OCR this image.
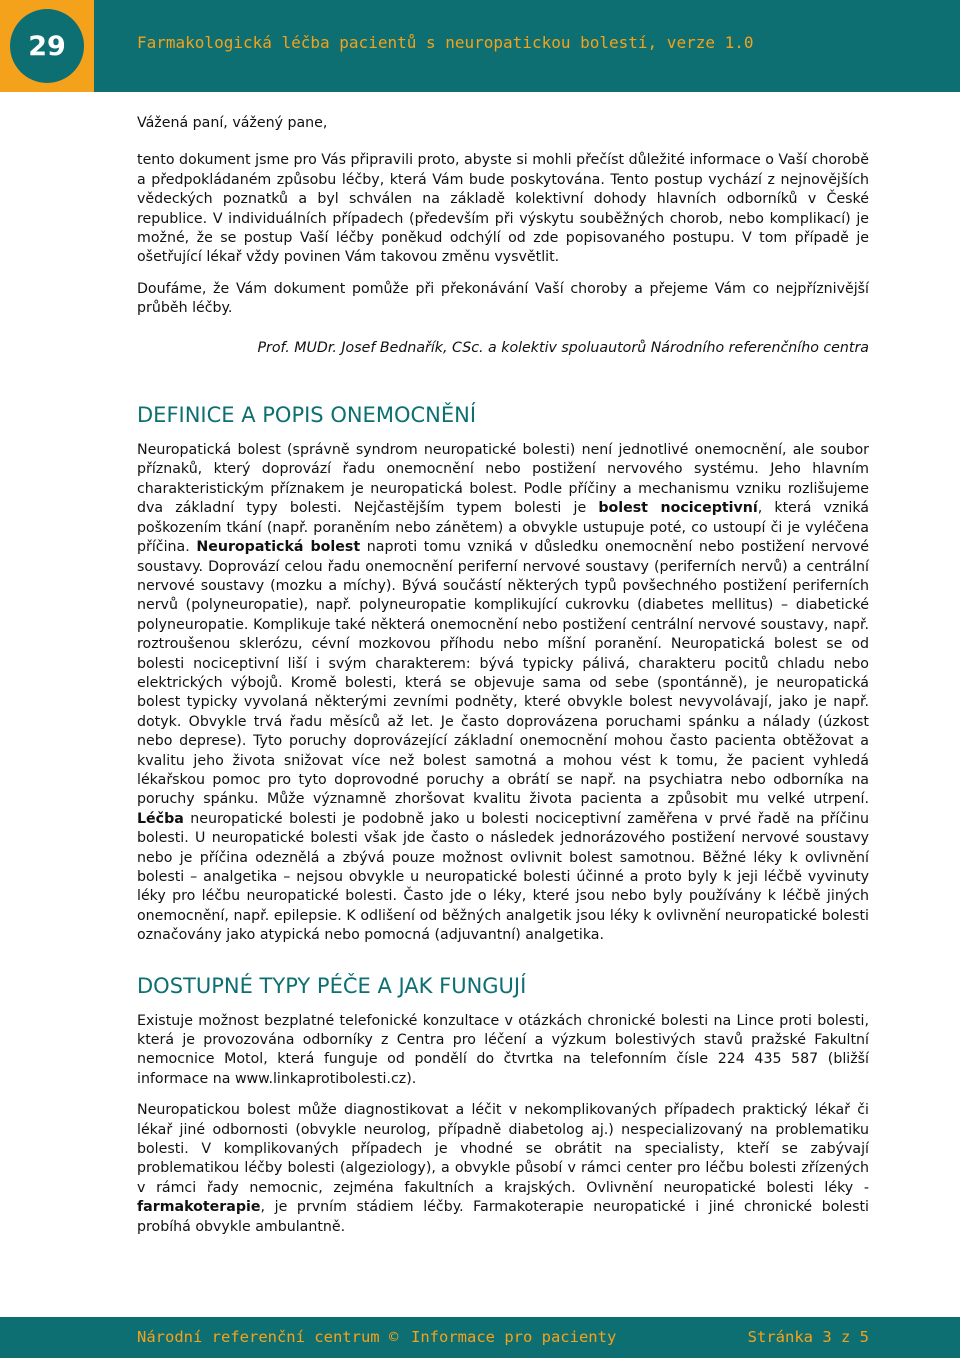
29	Farmakologická léčba pacientů s neuropatickou bolestí, verze 1.0

Vážená paní, vážený pane,

tento dokument jsme pro Vás připravili proto, abyste si mohli přečíst důležité informace o Vaší chorobě a předpokládaném způsobu léčby, která Vám bude poskytována. Tento postup vychází z nejnovějších vědeckých poznatků a byl schválen na základě kolektivní dohody hlavních odborníků v České republice. V individuálních případech (především při výskytu souběžných chorob, nebo komplikací) je možné, že se postup Vaší léčby poněkud odchýlí od zde popisovaného postupu. V tom případě je ošetřující lékař vždy povinen Vám takovou změnu vysvětlit.

Doufáme, že Vám dokument pomůže při překonávání Vaší choroby a přejeme Vám co nejpříznivější průběh léčby.

Prof. MUDr. Josef Bednařík, CSc. a kolektiv spoluautorů Národního referenčního centra

DEFINICE A POPIS ONEMOCNĚNÍ

Neuropatická bolest (správně syndrom neuropatické bolesti) není jednotlivé onemocnění, ale soubor příznaků, který doprovází řadu onemocnění nebo postižení nervového systému. Jeho hlavním charakteristickým příznakem je neuropatická bolest. Podle příčiny a mechanismu vzniku rozlišujeme dva základní typy bolesti. Nejčastějším typem bolesti je bolest nociceptivní, která vzniká poškozením tkání (např. poraněním nebo zánětem) a obvykle ustupuje poté, co ustoupí či je vyléčena příčina. Neuropatická bolest naproti tomu vzniká v důsledku onemocnění nebo postižení nervové soustavy. Doprovází celou řadu onemocnění periferní nervové soustavy (periferních nervů) a centrální nervové soustavy (mozku a míchy). Bývá součástí některých typů povšechného postižení periferních nervů (polyneuropatie), např. polyneuropatie komplikující cukrovku (diabetes mellitus) – diabetické polyneuropatie. Komplikuje také některá onemocnění nebo postižení centrální nervové soustavy, např. roztroušenou sklerózu, cévní mozkovou příhodu nebo míšní poranění. Neuropatická bolest se od bolesti nociceptivní liší i svým charakterem: bývá typicky pálivá, charakteru pocitů chladu nebo elektrických výbojů. Kromě bolesti, která se objevuje sama od sebe (spontánně), je neuropatická bolest typicky vyvolaná některými zevními podněty, které obvykle bolest nevyvolávají, jako je např. dotyk. Obvykle trvá řadu měsíců až let. Je často doprovázena poruchami spánku a nálady (úzkost nebo deprese). Tyto poruchy doprovázející základní onemocnění mohou často pacienta obtěžovat a kvalitu jeho života snižovat více než bolest samotná a mohou vést k tomu, že pacient vyhledá lékařskou pomoc pro tyto doprovodné poruchy a obrátí se např. na psychiatra nebo odborníka na poruchy spánku. Může významně zhoršovat kvalitu života pacienta a způsobit mu velké utrpení. Léčba neuropatické bolesti je podobně jako u bolesti nociceptivní zaměřena v prvé řadě na příčinu bolesti. U neuropatické bolesti však jde často o následek jednorázového postižení nervové soustavy nebo je příčina odeznělá a zbývá pouze možnost ovlivnit bolest samotnou. Běžné léky k ovlivnění bolesti – analgetika – nejsou obvykle u neuropatické bolesti účinné a proto byly k jeji léčbě vyvinuty léky pro léčbu neuropatické bolesti. Často jde o léky, které jsou nebo byly používány k léčbě jiných onemocnění, např. epilepsie. K odlišení od běžných analgetik jsou léky k ovlivnění neuropatické bolesti označovány jako atypická nebo pomocná (adjuvantní) analgetika.

DOSTUPNÉ TYPY PÉČE A JAK FUNGUJÍ

Existuje možnost bezplatné telefonické konzultace v otázkách chronické bolesti na Lince proti bolesti, která je provozována odborníky z Centra pro léčení a výzkum bolestivých stavů pražské Fakultní nemocnice Motol, která funguje od pondělí do čtvrtka na telefonním čísle 224 435 587 (bližší informace na www.linkaprotibolesti.cz).

Neuropatickou bolest může diagnostikovat a léčit v nekomplikovaných případech praktický lékař či lékař jiné odbornosti (obvykle neurolog, případně diabetolog aj.) nespecializovaný na problematiku bolesti. V komplikovaných případech je vhodné se obrátit na specialisty, kteří se zabývají problematikou léčby bolesti (algeziology), a obvykle působí v rámci center pro léčbu bolesti zřízených v rámci řady nemocnic, zejména fakultních a krajských. Ovlivnění neuropatické bolesti léky - farmakoterapie, je prvním stádiem léčby. Farmakoterapie neuropatické i jiné chronické bolesti probíhá obvykle ambulantně.

Národní referenční centrum © Informace pro pacienty	Stránka 3 z 5
